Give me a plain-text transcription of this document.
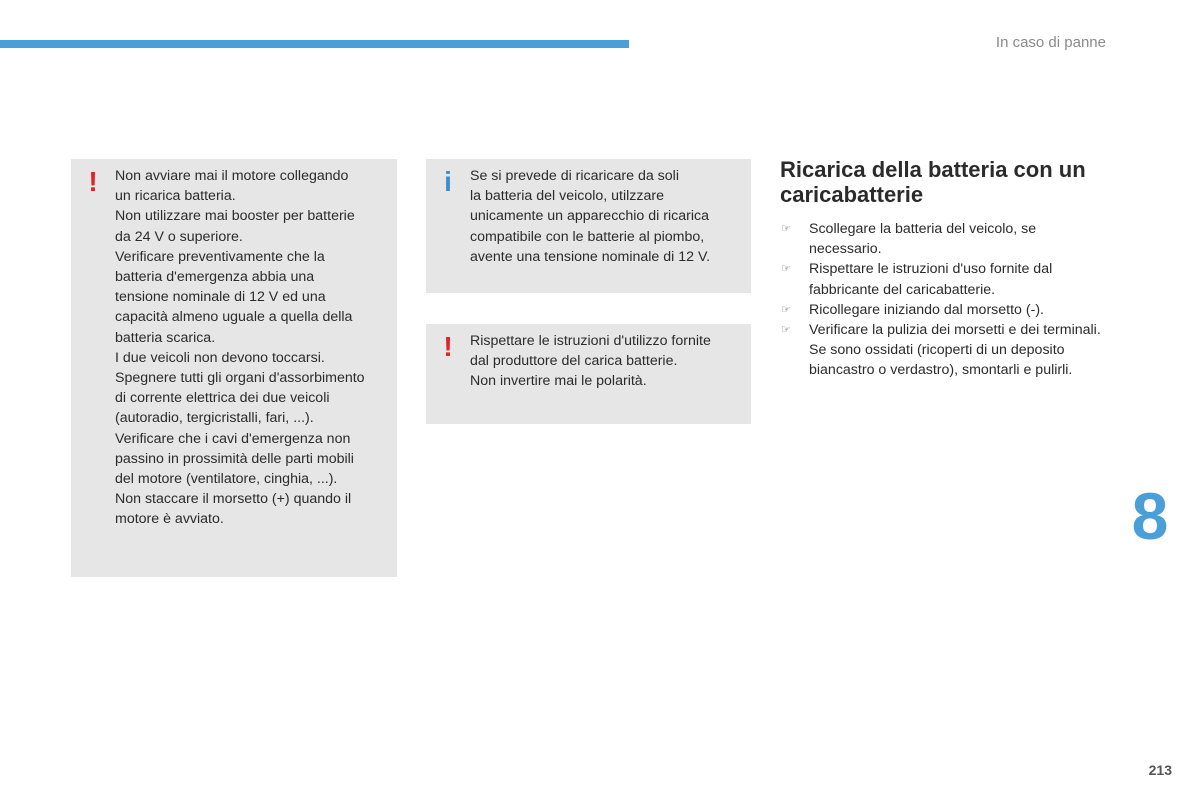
In caso di panne
!	Non avviare mai il motore collegando

un ricarica batteria.

Non utilizzare mai booster per batterie

da 24 V o superiore.

Verificare preventivamente che la

batteria d'emergenza abbia una

tensione nominale di 12 V ed una

capacità almeno uguale a quella della

batteria scarica.

I due veicoli non devono toccarsi.

Spegnere tutti gli organi d'assorbimento

di corrente elettrica dei due veicoli

(autoradio, tergicristalli, fari, ...).

Verificare che i cavi d'emergenza non

passino in prossimità delle parti mobili

del motore (ventilatore, cinghia, ...).

Non staccare il morsetto (+) quando il

motore è avviato.

i	Se si prevede di ricaricare da soli

la batteria del veicolo, utilzzare

unicamente un apparecchio di ricarica

compatibile con le batterie al piombo,

avente una tensione nominale di 12 V.

!	Rispettare le istruzioni d'utilizzo fornite

dal produttore del carica batterie.

Non invertire mai le polarità.

Ricarica della batteria con un caricabatterie
☞ Scollegare la batteria del veicolo, se necessario.
☞ Rispettare le istruzioni d'uso fornite dal fabbricante del caricabatterie.
☞ Ricollegare iniziando dal morsetto (-).
☞ Verificare la pulizia dei morsetti e dei terminali. Se sono ossidati (ricoperti di un deposito biancastro o verdastro), smontarli e pulirli.
8
213
